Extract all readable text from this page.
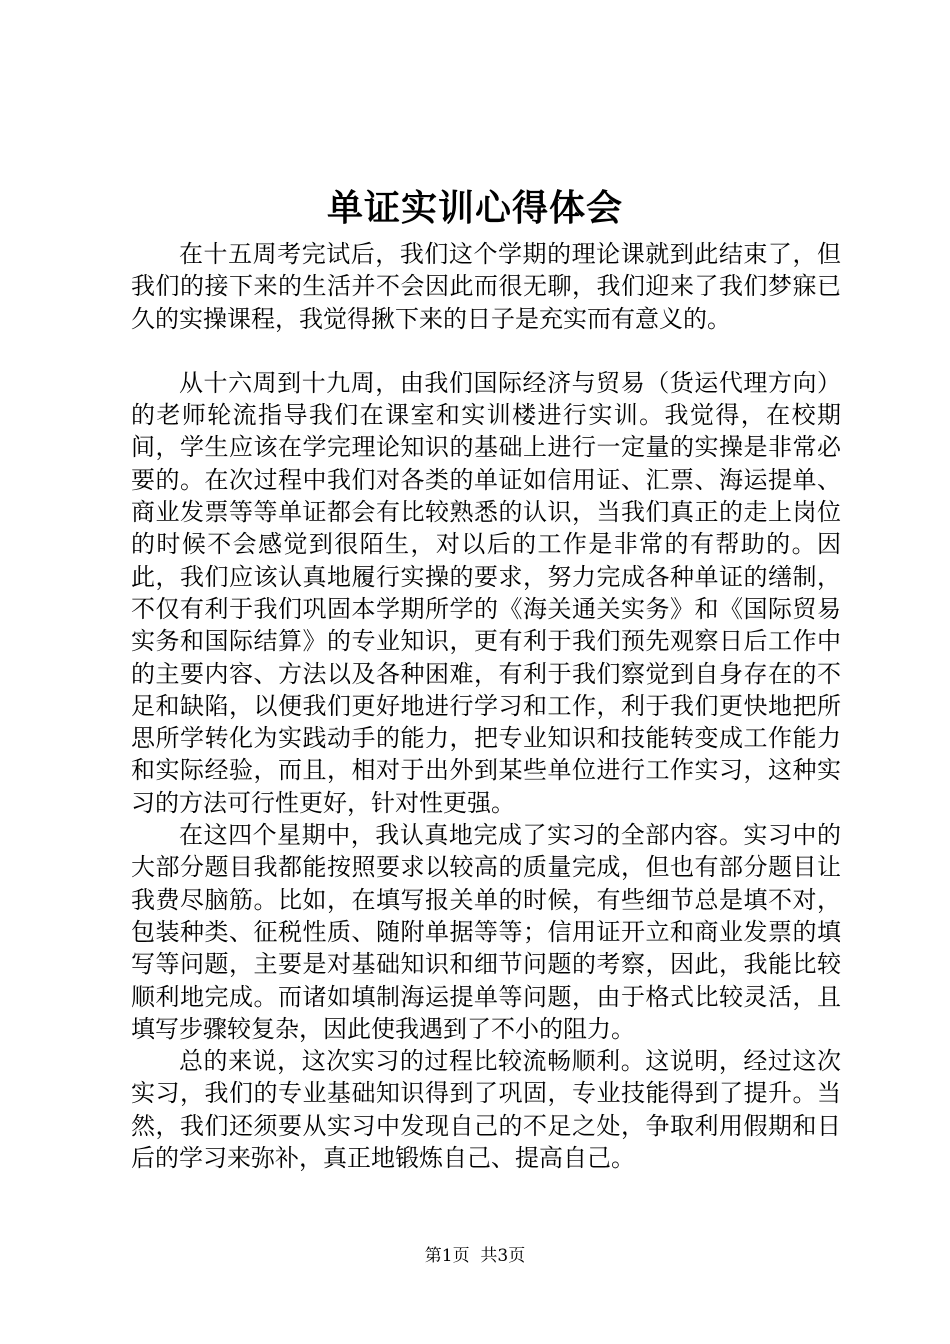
单证实训心得体会

在十五周考完试后，我们这个学期的理论课就到此结束了，但我们的接下来的生活并不会因此而很无聊，我们迎来了我们梦寐已久的实操课程，我觉得揪下来的日子是充实而有意义的。

从十六周到十九周，由我们国际经济与贸易（货运代理方向）的老师轮流指导我们在课室和实训楼进行实训。我觉得，在校期间，学生应该在学完理论知识的基础上进行一定量的实操是非常必要的。在次过程中我们对各类的单证如信用证、汇票、海运提单、商业发票等等单证都会有比较熟悉的认识，当我们真正的走上岗位的时候不会感觉到很陌生，对以后的工作是非常的有帮助的。因此，我们应该认真地履行实操的要求，努力完成各种单证的缮制，不仅有利于我们巩固本学期所学的《海关通关实务》和《国际贸易实务和国际结算》的专业知识，更有利于我们预先观察日后工作中的主要内容、方法以及各种困难，有利于我们察觉到自身存在的不足和缺陷，以便我们更好地进行学习和工作，利于我们更快地把所思所学转化为实践动手的能力，把专业知识和技能转变成工作能力和实际经验，而且，相对于出外到某些单位进行工作实习，这种实习的方法可行性更好，针对性更强。

在这四个星期中，我认真地完成了实习的全部内容。实习中的大部分题目我都能按照要求以较高的质量完成，但也有部分题目让我费尽脑筋。比如，在填写报关单的时候，有些细节总是填不对，包装种类、征税性质、随附单据等等；信用证开立和商业发票的填写等问题，主要是对基础知识和细节问题的考察，因此，我能比较顺利地完成。而诸如填制海运提单等问题，由于格式比较灵活，且填写步骤较复杂，因此使我遇到了不小的阻力。

总的来说，这次实习的过程比较流畅顺利。这说明，经过这次实习，我们的专业基础知识得到了巩固，专业技能得到了提升。当然，我们还须要从实习中发现自己的不足之处，争取利用假期和日后的学习来弥补，真正地锻炼自己、提高自己。

第1页 共3页
